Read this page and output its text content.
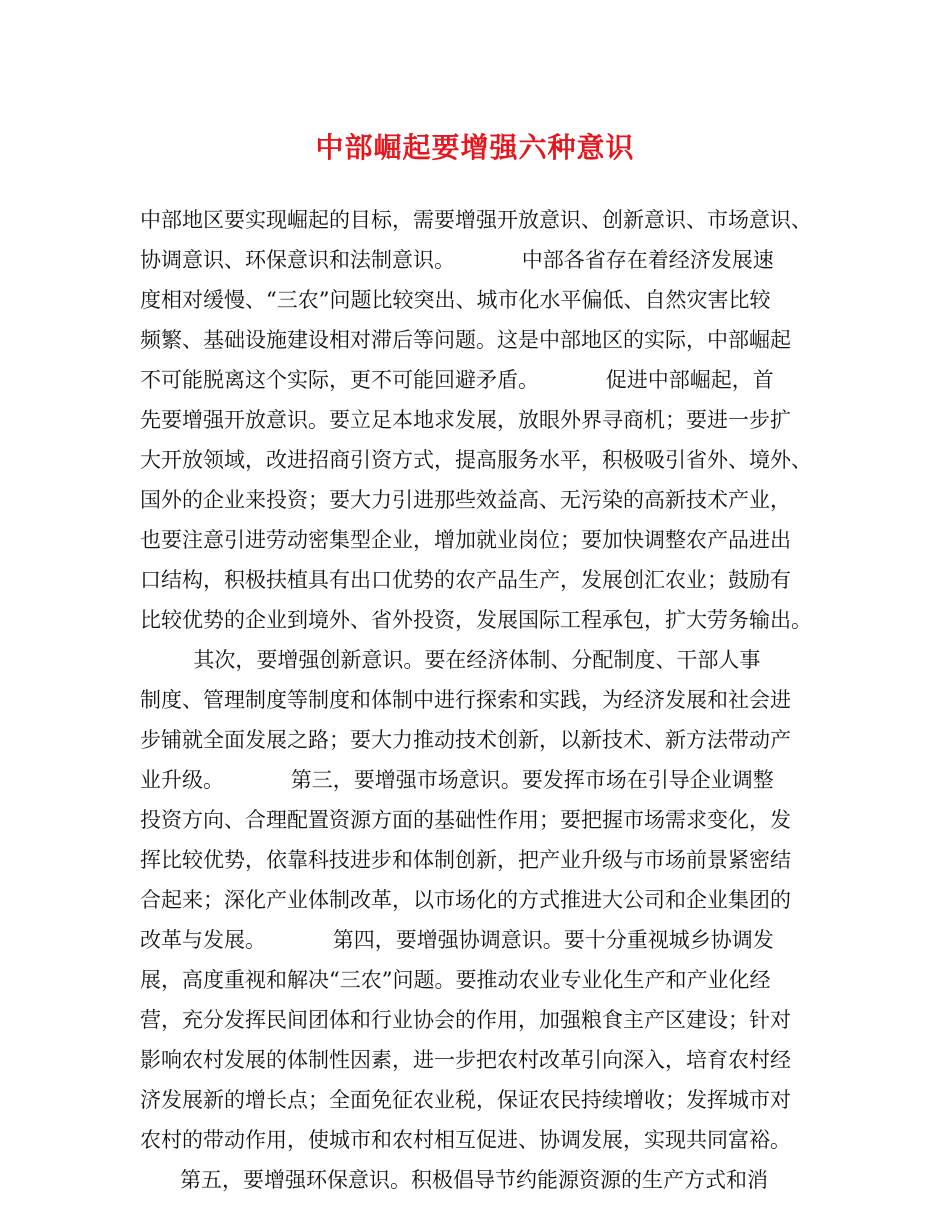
中部崛起要增强六种意识
中部地区要实现崛起的目标，需要增强开放意识、创新意识、市场意识、
协调意识、环保意识和法制意识。          中部各省存在着经济发展速
度相对缓慢、“三农”问题比较突出、城市化水平偏低、自然灾害比较
频繁、基础设施建设相对滞后等问题。这是中部地区的实际，中部崛起
不可能脱离这个实际，更不可能回避矛盾。          促进中部崛起，首
先要增强开放意识。要立足本地求发展，放眼外界寻商机；要进一步扩
大开放领域，改进招商引资方式，提高服务水平，积极吸引省外、境外、
国外的企业来投资；要大力引进那些效益高、无污染的高新技术产业，
也要注意引进劳动密集型企业，增加就业岗位；要加快调整农产品进出
口结构，积极扶植具有出口优势的农产品生产，发展创汇农业；鼓励有
比较优势的企业到境外、省外投资，发展国际工程承包，扩大劳务输出。
其次，要增强创新意识。要在经济体制、分配制度、干部人事
制度、管理制度等制度和体制中进行探索和实践，为经济发展和社会进
步铺就全面发展之路；要大力推动技术创新，以新技术、新方法带动产
业升级。          第三，要增强市场意识。要发挥市场在引导企业调整
投资方向、合理配置资源方面的基础性作用；要把握市场需求变化，发
挥比较优势，依靠科技进步和体制创新，把产业升级与市场前景紧密结
合起来；深化产业体制改革，以市场化的方式推进大公司和企业集团的
改革与发展。          第四，要增强协调意识。要十分重视城乡协调发
展，高度重视和解决“三农”问题。要推动农业专业化生产和产业化经
营，充分发挥民间团体和行业协会的作用，加强粮食主产区建设；针对
影响农村发展的体制性因素，进一步把农村改革引向深入，培育农村经
济发展新的增长点；全面免征农业税，保证农民持续增收；发挥城市对
农村的带动作用，使城市和农村相互促进、协调发展，实现共同富裕。
第五，要增强环保意识。积极倡导节约能源资源的生产方式和消
